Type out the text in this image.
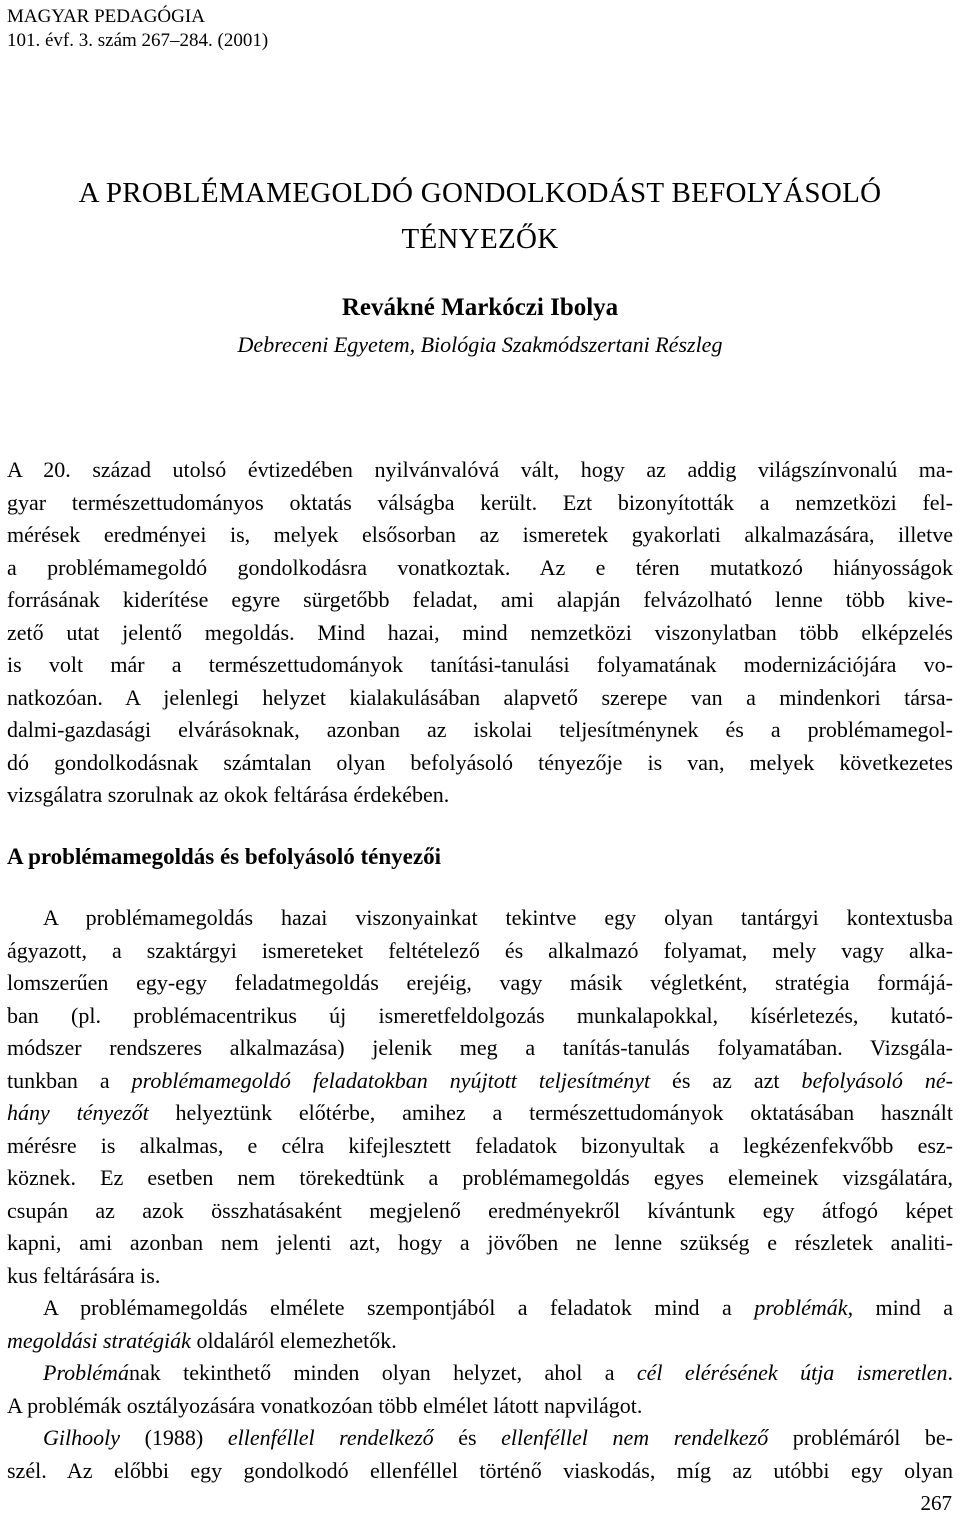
MAGYAR PEDAGÓGIA
101. évf. 3. szám 267–284. (2001)
A PROBLÉMAMEGOLDÓ GONDOLKODÁST BEFOLYÁSOLÓ
TÉNYEZŐK
Revákné Markóczi Ibolya
Debreceni Egyetem, Biológia Szakmódszertani Részleg
A 20. század utolsó évtizedében nyilvánvalóvá vált, hogy az addig világszínvonalú ma-
gyar természettudományos oktatás válságba került. Ezt bizonyították a nemzetközi fel-
mérések eredményei is, melyek elsősorban az ismeretek gyakorlati alkalmazására, illetve
a problémamegoldó gondolkodásra vonatkoztak. Az e téren mutatkozó hiányosságok
forrásának kiderítése egyre sürgetőbb feladat, ami alapján felvázolható lenne több kive-
zető utat jelentő megoldás. Mind hazai, mind nemzetközi viszonylatban több elképzelés
is volt már a természettudományok tanítási-tanulási folyamatának modernizációjára vo-
natkozóan. A jelenlegi helyzet kialakulásában alapvető szerepe van a mindenkori társa-
dalmi-gazdasági elvárásoknak, azonban az iskolai teljesítménynek és a problémamegol-
dó gondolkodásnak számtalan olyan befolyásoló tényezője is van, melyek következetes
vizsgálatra szorulnak az okok feltárása érdekében.
A problémamegoldás és befolyásoló tényezői
A problémamegoldás hazai viszonyainkat tekintve egy olyan tantárgyi kontextusba
ágyazott, a szaktárgyi ismereteket feltételező és alkalmazó folyamat, mely vagy alka-
lomszerűen egy-egy feladatmegoldás erejéig, vagy másik végletként, stratégia formájá-
ban (pl. problémacentrikus új ismeretfeldolgozás munkalapokkal, kísérletezés, kutató-
módszer rendszeres alkalmazása) jelenik meg a tanítás-tanulás folyamatában. Vizsgála-
tunkban a problémamegoldó feladatokban nyújtott teljesítményt és az azt befolyásoló né-
hány tényezőt helyeztünk előtérbe, amihez a természettudományok oktatásában használt
mérésre is alkalmas, e célra kifejlesztett feladatok bizonyultak a legkézenfekvőbb esz-
köznek. Ez esetben nem törekedtünk a problémamegoldás egyes elemeinek vizsgálatára,
csupán az azok összhatásaként megjelenő eredményekről kívántunk egy átfogó képet
kapni, ami azonban nem jelenti azt, hogy a jövőben ne lenne szükség e részletek analiti-
kus feltárására is.
A problémamegoldás elmélete szempontjából a feladatok mind a problémák, mind a
megoldási stratégiák oldaláról elemezhetők.
Problémának tekinthető minden olyan helyzet, ahol a cél elérésének útja ismeretlen.
A problémák osztályozására vonatkozóan több elmélet látott napvilágot.
Gilhooly (1988) ellenféllel rendelkező és ellenféllel nem rendelkező problémáról be-
szél. Az előbbi egy gondolkodó ellenféllel történő viaskodás, míg az utóbbi egy olyan
267
